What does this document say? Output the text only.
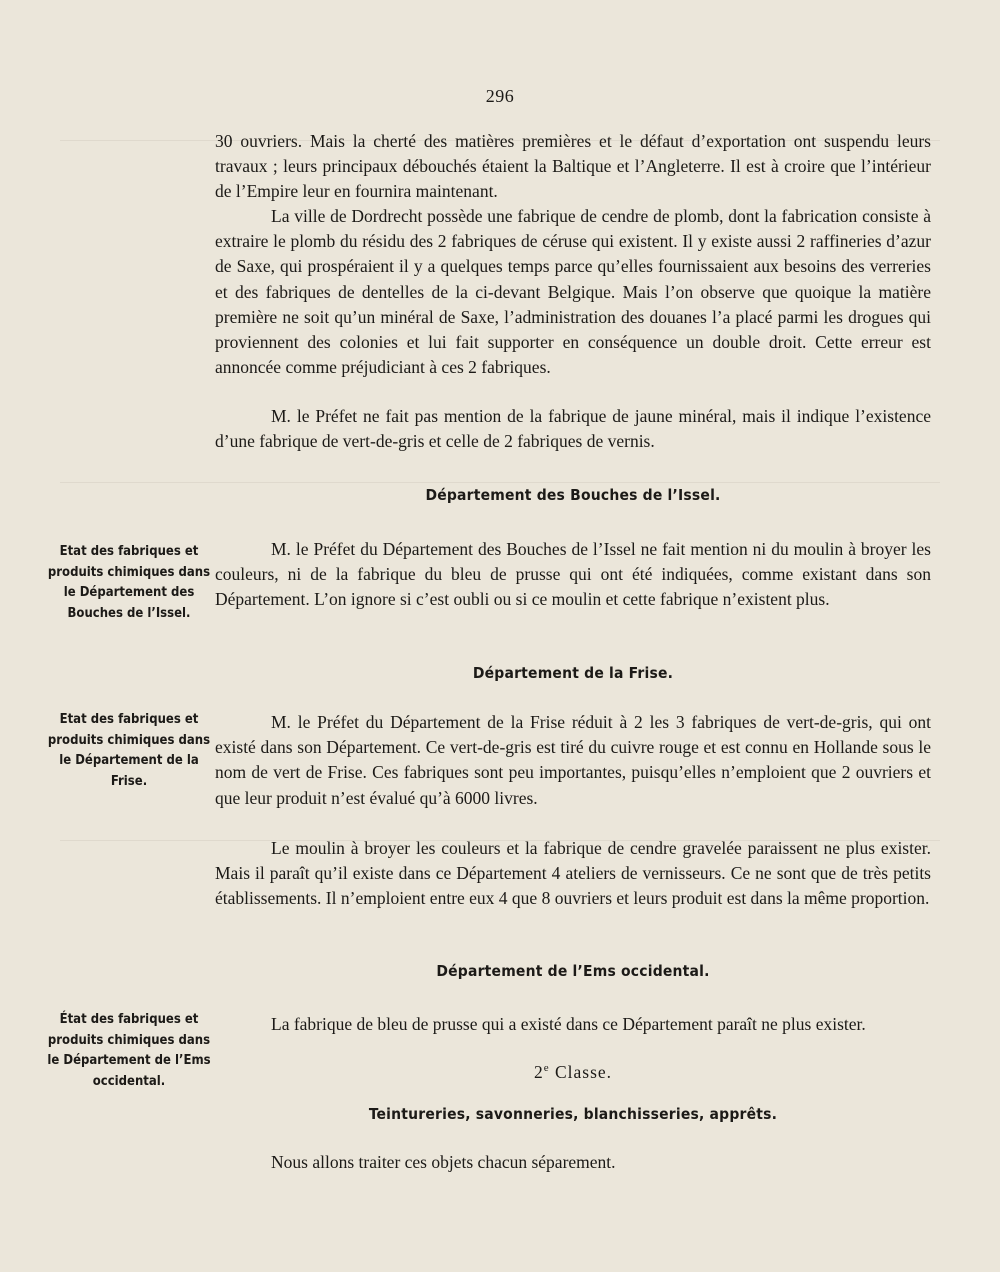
296

30 ouvriers. Mais la cherté des matières premières et le défaut d’exportation ont suspendu leurs travaux ; leurs principaux débouchés étaient la Baltique et l’Angleterre. Il est à croire que l’intérieur de l’Empire leur en fournira maintenant.

La ville de Dordrecht possède une fabrique de cendre de plomb, dont la fabrication consiste à extraire le plomb du résidu des 2 fabriques de céruse qui existent. Il y existe aussi 2 raffineries d’azur de Saxe, qui prospéraient il y a quelques temps parce qu’elles fournissaient aux besoins des verreries et des fabriques de dentelles de la ci-devant Belgique. Mais l’on observe que quoique la matière première ne soit qu’un minéral de Saxe, l’administration des douanes l’a placé parmi les drogues qui proviennent des colonies et lui fait supporter en conséquence un double droit. Cette erreur est annoncée comme préjudiciant à ces 2 fabriques.

M. le Préfet ne fait pas mention de la fabrique de jaune minéral, mais il indique l’existence d’une fabrique de vert-de-gris et celle de 2 fabriques de vernis.

Département des Bouches de l’Issel.

Etat des fabriques et produits chimiques dans le Département des Bouches de l’Issel.

M. le Préfet du Département des Bouches de l’Issel ne fait mention ni du moulin à broyer les couleurs, ni de la fabrique du bleu de prusse qui ont été indiquées, comme existant dans son Département. L’on ignore si c’est oubli ou si ce moulin et cette fabrique n’existent plus.

Département de la Frise.

Etat des fabriques et produits chimiques dans le Département de la Frise.

M. le Préfet du Département de la Frise réduit à 2 les 3 fabriques de vert-de-gris, qui ont existé dans son Département. Ce vert-de-gris est tiré du cuivre rouge et est connu en Hollande sous le nom de vert de Frise. Ces fabriques sont peu importantes, puisqu’elles n’emploient que 2 ouvriers et que leur produit n’est évalué qu’à 6000 livres.

Le moulin à broyer les couleurs et la fabrique de cendre gravelée paraissent ne plus exister. Mais il paraît qu’il existe dans ce Département 4 ateliers de vernisseurs. Ce ne sont que de très petits établissements. Il n’emploient entre eux 4 que 8 ouvriers et leurs produit est dans la même proportion.

Département de l’Ems occidental.

État des fabriques et produits chimiques dans le Département de l’Ems occidental.

La fabrique de bleu de prusse qui a existé dans ce Département paraît ne plus exister.

2e Classe.
Teintureries, savonneries, blanchisseries, apprêts.

Nous allons traiter ces objets chacun séparement.
